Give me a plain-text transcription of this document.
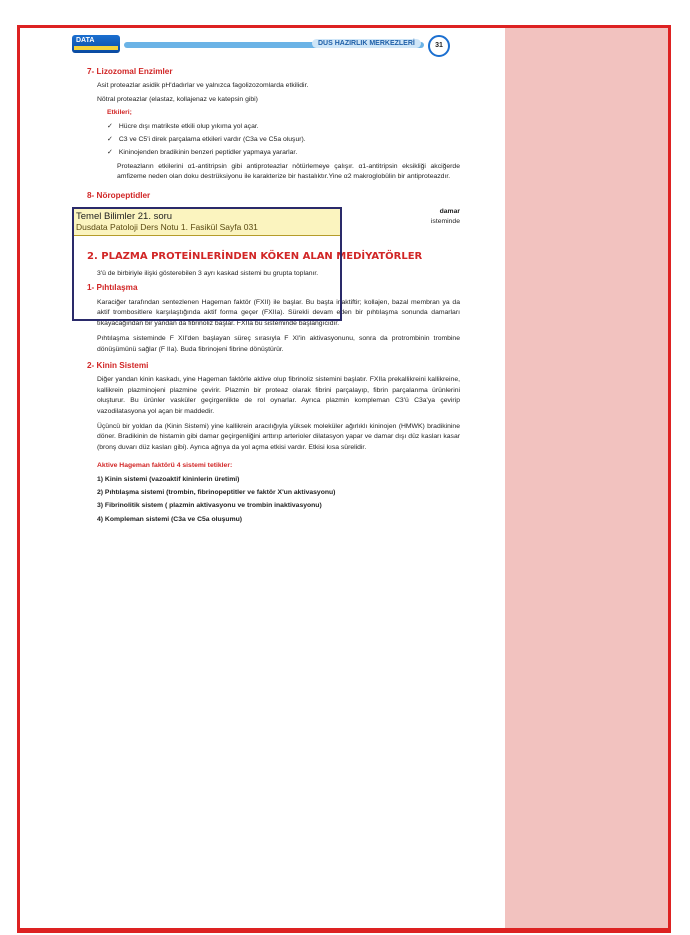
DATA	DUS HAZIRLIK MERKEZLERİ	31
7- Lizozomal Enzimler
Asit proteazlar asidik pH'dadırlar ve yalnızca fagolizozomlarda etkilidir.
Nötral proteazlar (elastaz, kollajenaz ve katepsin gibi)
Etkileri;
✓ Hücre dışı matrikste etkili olup yıkıma yol açar.
✓ C3 ve C5'i direk parçalama etkileri vardır (C3a ve C5a oluşur).
✓ Kininojenden bradikinin benzeri peptidler yapmaya yararlar.
Proteazların etkilerini α1-antitripsin gibi antiproteazlar nötürlemeye çalışır. α1-antitripsin eksikliği akciğerde amfizeme neden olan doku destrüksiyonu ile karakterize bir hastalıktır.Yine α2 makroglobülin bir antiproteazdır.
8- Nöropeptidler
damar
isteminde
2. PLAZMA PROTEİNLERİNDEN KÖKEN ALAN MEDİYATÖRLER
3'ü de birbiriyle ilişki gösterebilen 3 ayrı kaskad sistemi bu grupta toplanır.
1- Pıhtılaşma
Karaciğer tarafından sentezlenen Hageman faktör (FXII) ile başlar. Bu başta inaktiftir; kollajen, bazal membran ya da aktif trombositlere karşılaştığında aktif forma geçer (FXIIa). Sürekli devam eden bir pıhtılaşma sonunda damarları tıkayacağından bir yandan da fibrinoliz başlar. FXIIa bu sisteminde başlangıcıdır.
Pıhtılaşma sisteminde F XII'den başlayan süreç sırasıyla F XI'in aktivasyonunu, sonra da protrombinin trombine dönüşümünü sağlar (F IIa). Buda fibrinojeni fibrine dönüştürür.
2- Kinin Sistemi
Diğer yandan kinin kaskadı, yine Hageman faktörle aktive olup fibrinoliz sistemini başlatır. FXIIa prekallikreini kallikreine, kallikrein plazminojeni plazmine çevirir. Plazmin bir proteaz olarak fibrini parçalayıp, fibrin parçalanma ürünlerini oluşturur. Bu ürünler vasküler geçirgenlikte de rol oynarlar. Ayrıca plazmin kompleman C3'ü C3a'ya çevirip vazodilatasyona yol açan bir maddedir.
Üçüncü bir yoldan da (Kinin Sistemi) yine kallikrein aracılığıyla yüksek moleküler ağırlıklı kininojen (HMWK) bradikinine döner. Bradikinin de histamin gibi damar geçirgenliğini arttırıp arterioler dilatasyon yapar ve damar dışı düz kasları kasar (bronş duvarı düz kasları gibi). Ayrıca ağrıya da yol açma etkisi vardır. Etkisi kısa sürelidir.
Aktive Hageman faktörü 4 sistemi tetikler:
1) Kinin sistemi (vazoaktif kininlerin üretimi)
2) Pıhtılaşma sistemi (trombin, fibrinopeptitler ve faktör X'un aktivasyonu)
3) Fibrinolitik sistem ( plazmin aktivasyonu ve trombin inaktivasyonu)
4) Kompleman sistemi (C3a ve C5a oluşumu)
Temel Bilimler 21. soru
Dusdata Patoloji Ders Notu 1. Fasikül Sayfa 031
